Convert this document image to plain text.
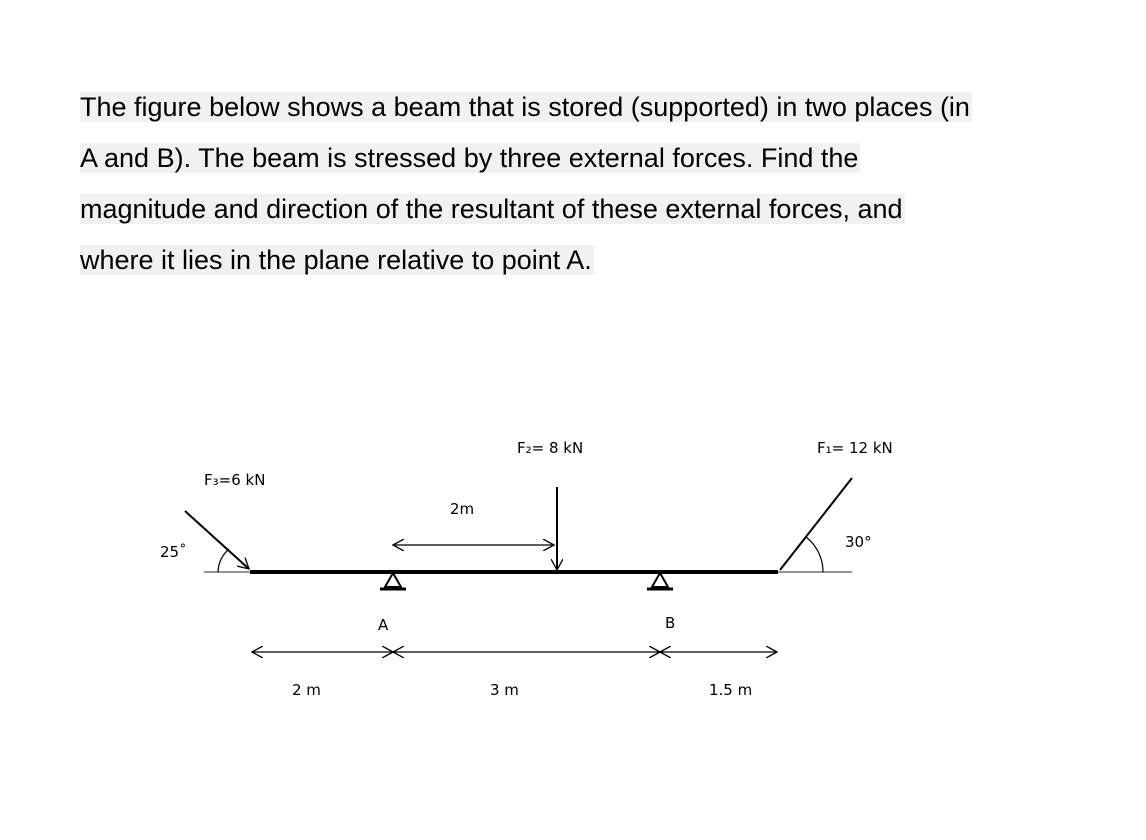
The figure below shows a beam that is stored (supported) in two places (in
A and B). The beam is stressed by three external forces. Find the
magnitude and direction of the resultant of these external forces, and
where it lies in the plane relative to point A.
F₃=6 kN
25˚
F₂= 8 kN	F₁= 12 kN
30°
2m
A	B
2 m	3 m	1.5 m
